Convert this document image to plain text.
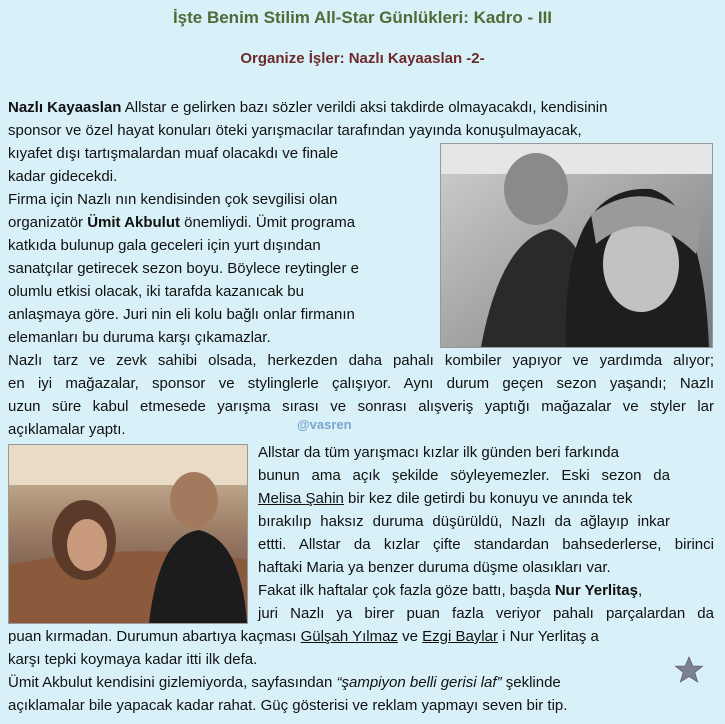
İşte Benim Stilim All-Star Günlükleri: Kadro - III
Organize İşler: Nazlı Kayaaslan -2-
Nazlı Kayaaslan Allstar e gelirken bazı sözler verildi aksi takdirde olmayacakdı, kendisinin
sponsor ve özel hayat konuları öteki yarışmacılar tarafından yayında konuşulmayacak,
kıyafet dışı tartışmalardan muaf olacakdı ve finale
kadar gidecekdi.
Firma için Nazlı nın kendisinden çok sevgilisi olan
organizatör Ümit Akbulut önemliydi. Ümit programa
katkıda bulunup gala geceleri için yurt dışından
sanatçılar getirecek sezon boyu. Böylece reytingler e
olumlu etkisi olacak, iki tarafda kazanıcak bu
anlaşmaya göre. Juri nin eli kolu bağlı onlar firmanın
elemanları bu duruma karşı çıkamazlar.
Nazlı tarz ve zevk sahibi olsada, herkezden daha pahalı kombiler yapıyor ve yardımda alıyor;
en iyi mağazalar, sponsor ve stylinglerle çalışıyor. Aynı durum geçen sezon yaşandı; Nazlı
uzun süre kabul etmesede yarışma sırası ve sonrası alışveriş yaptığı mağazalar ve styler lar
açıklamalar yaptı.	@vasren
Allstar da tüm yarışmacı kızlar ilk günden beri farkında
bunun ama açık şekilde söyleyemezler. Eski sezon da
Melisa Şahin bir kez dile getirdi bu konuyu ve anında tek
bırakılıp haksız duruma düşürüldü, Nazlı da ağlayıp inkar
ettti. Allstar da kızlar çifte standardan bahsederlerse, birinci
haftaki Maria ya benzer duruma düşme olasıkları var.
Fakat ilk haftalar çok fazla göze battı, başda Nur Yerlitaş,
juri Nazlı ya birer puan fazla veriyor pahalı parçalardan da
puan kırmadan. Durumun abartıya kaçması Gülşah Yılmaz ve Ezgi Baylar i Nur Yerlitaş a
karşı tepki koymaya kadar itti ilk defa.
Ümit Akbulut kendisini gizlemiyorda, sayfasından “şampiyon belli gerisi laf” şeklinde
açıklamalar bile yapacak kadar rahat. Güç gösterisi ve reklam yapmayı seven bir tip.
